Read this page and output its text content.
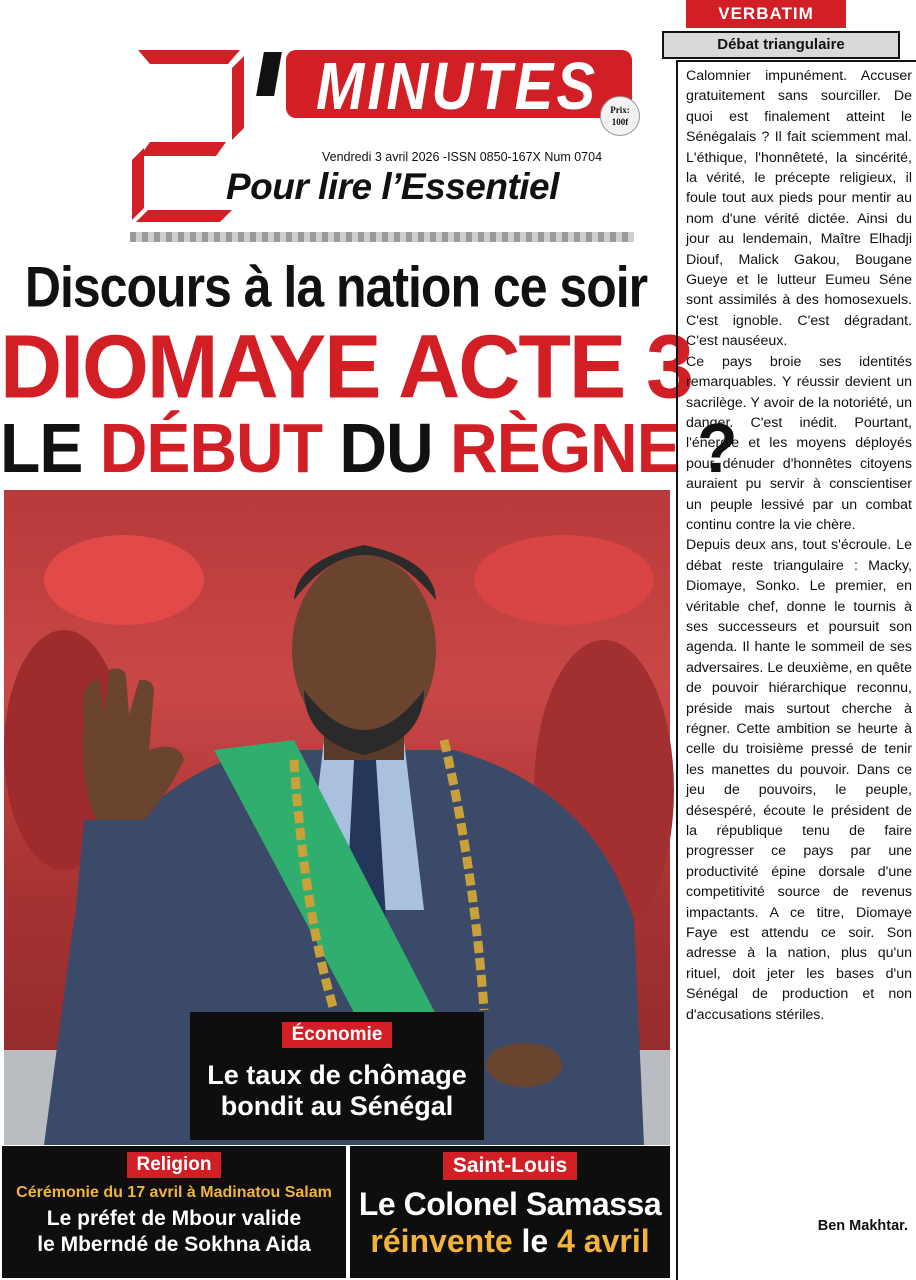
2
MINUTES	Prix:
100f
Vendredi 3 avril 2026 -ISSN 0850-167X Num 0704
Pour lire l’Essentiel
Discours à la nation ce soir
DIOMAYE ACTE 3
LE DÉBUT DU RÈGNE ?
Économie
Le taux de chômage
bondit au Sénégal
Religion
Cérémonie du 17 avril à Madinatou Salam
Le préfet de Mbour valide
le Mberndé de Sokhna Aida
Saint-Louis
Le Colonel Samassa
réinvente le 4 avril
VERBATIM
Débat triangulaire

Calomnier impunément. Accuser gratuitement sans sourciller. De quoi est finalement atteint le Sénégalais ? Il fait sciemment mal. L'éthique, l'honnêteté, la sincérité, la vérité, le précepte religieux, il foule tout aux pieds pour mentir au nom d'une vérité dictée. Ainsi du jour au lendemain, Maître Elhadji Diouf, Malick Gakou, Bougane Gueye et le lutteur Eumeu Séne sont assimilés à des homosexuels. C'est ignoble. C'est dégradant. C'est nauséeux.

Ce pays broie ses identités remarquables. Y réussir devient un sacrilège. Y avoir de la notoriété, un danger. C'est inédit. Pourtant, l'énergie et les moyens déployés pour dénuder d'honnêtes citoyens auraient pu servir à conscientiser un peuple lessivé par un combat continu contre la vie chère.

Depuis deux ans, tout s'écroule. Le débat reste triangulaire : Macky, Diomaye, Sonko. Le premier, en véritable chef, donne le tournis à ses successeurs et poursuit son agenda. Il hante le sommeil de ses adversaires. Le deuxième, en quête de pouvoir hiérarchique reconnu, préside mais surtout cherche à régner. Cette ambition se heurte à celle du troisième pressé de tenir les manettes du pouvoir. Dans ce jeu de pouvoirs, le peuple, désespéré, écoute le président de la république tenu de faire progresser ce pays par une productivité épine dorsale d'une competitivité source de revenus impactants. A ce titre, Diomaye Faye est attendu ce soir. Son adresse à la nation, plus qu'un rituel, doit jeter les bases d'un Sénégal de production et non d'accusations stériles.

Ben Makhtar.
